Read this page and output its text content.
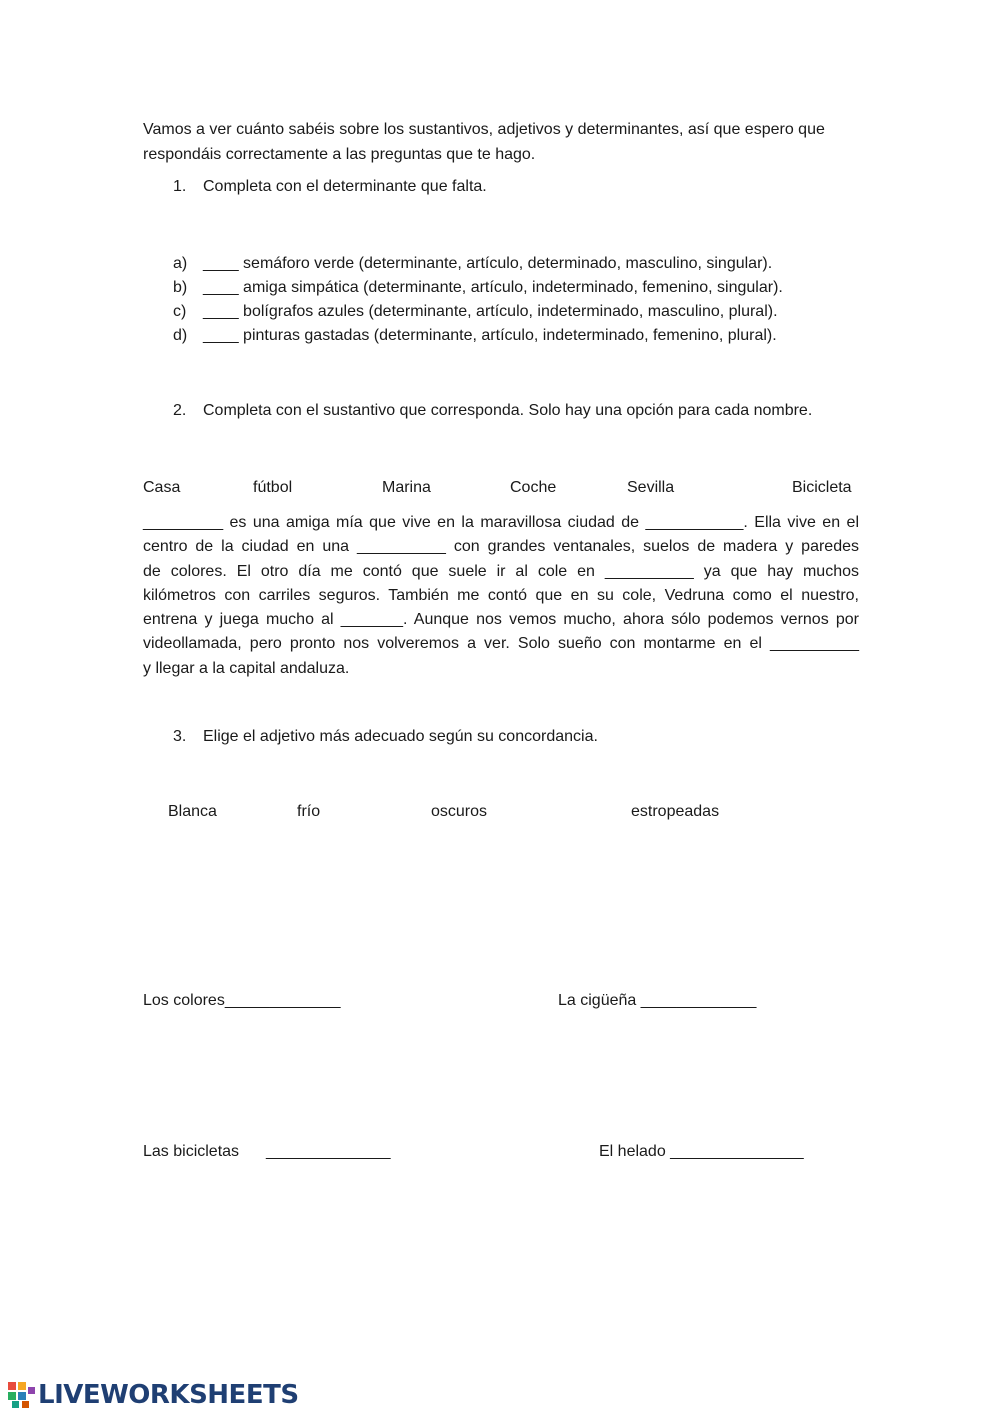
Vamos a ver cuánto sabéis sobre los sustantivos, adjetivos y determinantes, así que espero que
respondáis correctamente a las preguntas que te hago.
1. Completa con el determinante que falta.
a) ____ semáforo verde (determinante, artículo, determinado, masculino, singular).
b) ____ amiga simpática (determinante, artículo, indeterminado, femenino, singular).
c) ____ bolígrafos azules (determinante, artículo, indeterminado, masculino, plural).
d) ____ pinturas gastadas (determinante, artículo, indeterminado, femenino, plural).
2. Completa con el sustantivo que corresponda. Solo hay una opción para cada nombre.
Casa	fútbol	Marina	Coche	Sevilla	Bicicleta
_________ es una amiga mía que vive en la maravillosa ciudad de ___________. Ella vive en el
centro de la ciudad en una __________ con grandes ventanales, suelos de madera y paredes
de colores. El otro día me contó que suele ir al cole en __________ ya que hay muchos
kilómetros con carriles seguros. También me contó que en su cole, Vedruna como el nuestro,
entrena y juega mucho al _______. Aunque nos vemos mucho, ahora sólo podemos vernos por
videollamada, pero pronto nos volveremos a ver. Solo sueño con montarme en el __________
y llegar a la capital andaluza.
3. Elige el adjetivo más adecuado según su concordancia.
Blanca	frío	oscuros	estropeadas
Los colores_____________	La cigüeña _____________
Las bicicletas ______________	El helado _______________
LIVEWORKSHEETS
